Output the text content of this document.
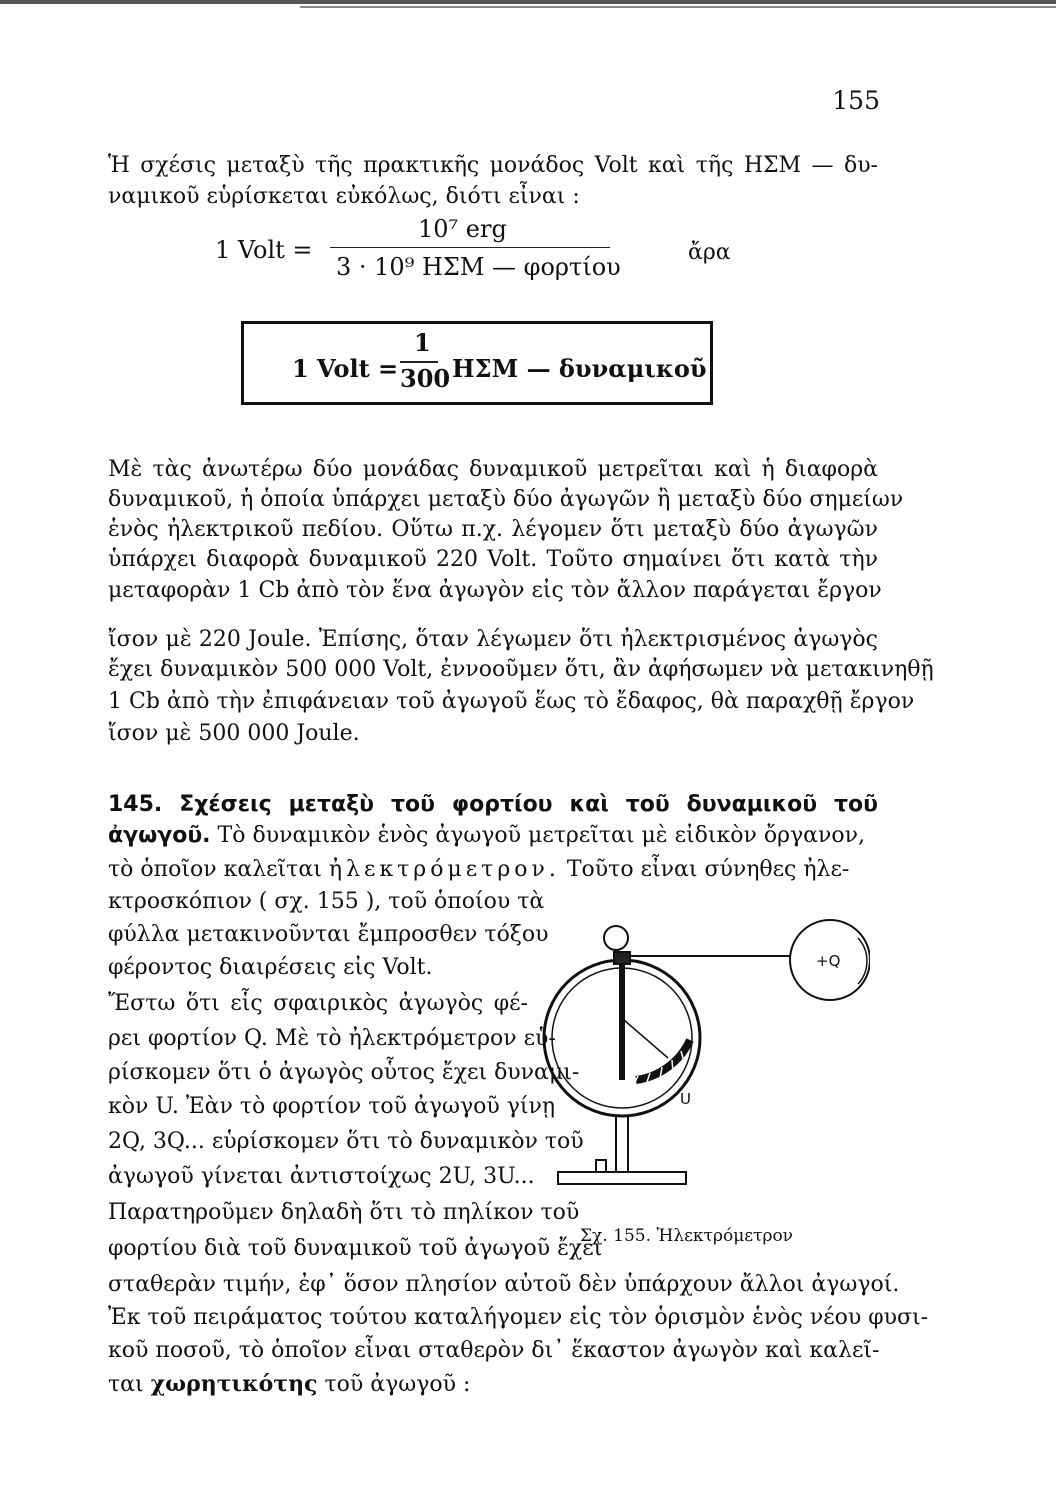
155
Ἡ σχέσις μεταξὺ τῆς πρακτικῆς μονάδος Volt καὶ τῆς ΗΣΜ — δυ-
ναμικοῦ εὑρίσκεται εὐκόλως, διότι εἶναι :
1 Volt =
10⁷ erg
3 · 10⁹ ΗΣΜ — φορτίου
ἄρα
1 Volt =
1
300 ΗΣΜ — δυναμικοῦ
Μὲ τὰς ἀνωτέρω δύο μονάδας δυναμικοῦ μετρεῖται καὶ ἡ διαφορὰ
δυναμικοῦ, ἡ ὁποία ὑπάρχει μεταξὺ δύο ἀγωγῶν ἢ μεταξὺ δύο σημείων
ἑνὸς ἠλεκτρικοῦ πεδίου. Οὕτω π.χ. λέγομεν ὅτι μεταξὺ δύο ἀγωγῶν
ὑπάρχει διαφορὰ δυναμικοῦ 220 Volt. Τοῦτο σημαίνει ὅτι κατὰ τὴν
μεταφορὰν 1 Cb ἀπὸ τὸν ἕνα ἀγωγὸν εἰς τὸν ἄλλον παράγεται ἔργον
ἴσον μὲ 220 Joule. Ἐπίσης, ὅταν λέγωμεν ὅτι ἠλεκτρισμένος ἀγωγὸς
ἔχει δυναμικὸν 500 000 Volt, ἐννοοῦμεν ὅτι, ἂν ἀφήσωμεν νὰ μετακινηθῇ
1 Cb ἀπὸ τὴν ἐπιφάνειαν τοῦ ἀγωγοῦ ἕως τὸ ἔδαφος, θὰ παραχθῇ ἔργον
ἴσον μὲ 500 000 Joule.
145. Σχέσεις μεταξὺ τοῦ φορτίου καὶ τοῦ δυναμικοῦ τοῦ
ἀγωγοῦ. Τὸ δυναμικὸν ἑνὸς ἀγωγοῦ μετρεῖται μὲ εἰδικὸν ὄργανον,
τὸ ὁποῖον καλεῖται ἠλεκτρόμετρον. Τοῦτο εἶναι σύνηθες ἠλε-
κτροσκόπιον ( σχ. 155 ), τοῦ ὁποίου τὰ
φύλλα μετακινοῦνται ἔμπροσθεν τόξου
φέροντος διαιρέσεις εἰς Volt.
Ἔστω ὅτι εἷς σφαιρικὸς ἀγωγὸς φέ-
ρει φορτίον Q. Μὲ τὸ ἠλεκτρόμετρον εὑ-
ρίσκομεν ὅτι ὁ ἀγωγὸς οὗτος ἔχει δυναμι-
κὸν U. Ἐὰν τὸ φορτίον τοῦ ἀγωγοῦ γίνῃ
2Q, 3Q... εὑρίσκομεν ὅτι τὸ δυναμικὸν τοῦ
ἀγωγοῦ γίνεται ἀντιστοίχως 2U, 3U...
Παρατηροῦμεν δηλαδὴ ὅτι τὸ πηλίκον τοῦ
φορτίου διὰ τοῦ δυναμικοῦ τοῦ ἀγωγοῦ ἔχει
σταθερὰν τιμήν, ἐφ᾽ ὅσον πλησίον αὐτοῦ δὲν ὑπάρχουν ἄλλοι ἀγωγοί.
Ἐκ τοῦ πειράματος τούτου καταλήγομεν εἰς τὸν ὁρισμὸν ἑνὸς νέου φυσι-
κοῦ ποσοῦ, τὸ ὁποῖον εἶναι σταθερὸν δι᾽ ἕκαστον ἀγωγὸν καὶ καλεῖ-
ται χωρητικότης τοῦ ἀγωγοῦ :
+Q
U
Σχ. 155. Ἠλεκτρόμετρον
